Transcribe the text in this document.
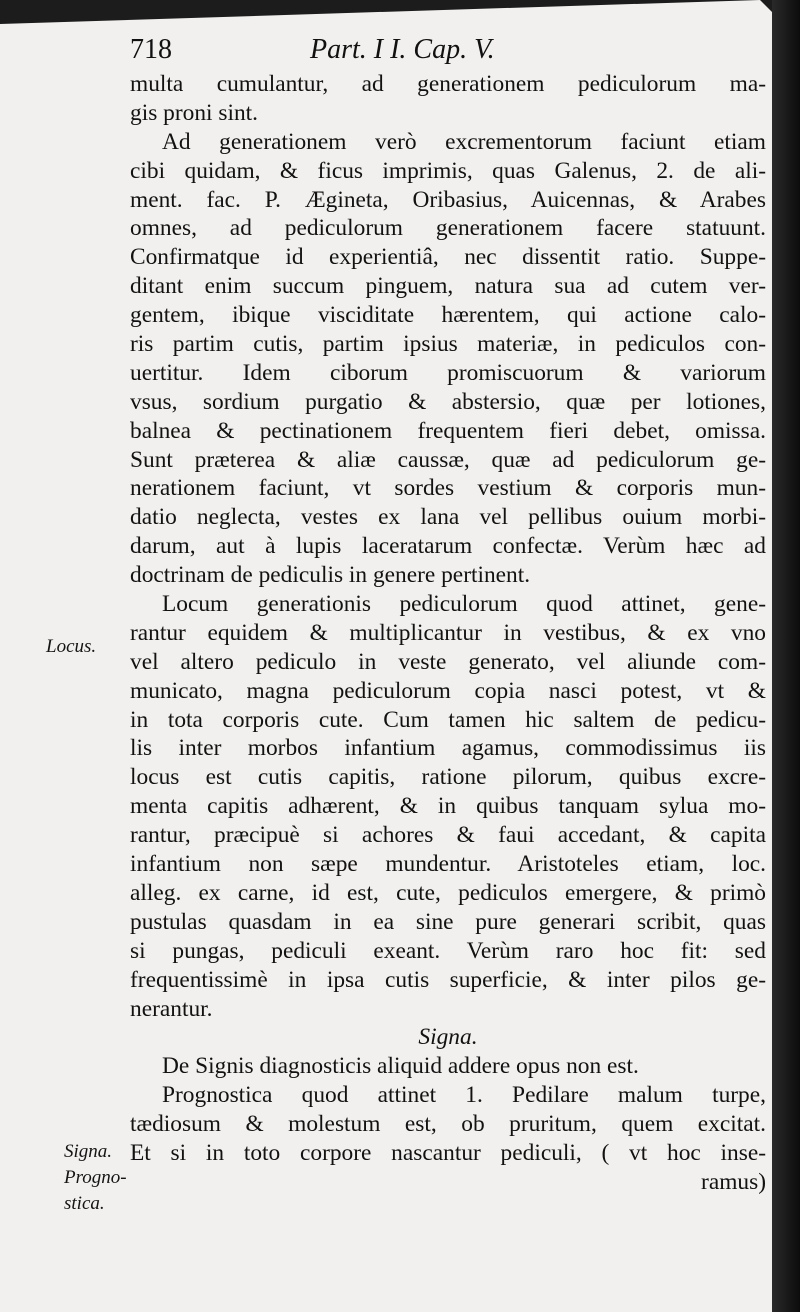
718	Part. I I. Cap. V.
Locus.
Signa.
Progno-
stica.
multa cumulantur, ad generationem pediculorum ma-
gis proni sint.
Ad generationem verò excrementorum faciunt etiam
cibi quidam, & ficus imprimis, quas Galenus, 2. de ali-
ment. fac. P. Ægineta, Oribasius, Auicennas, & Arabes
omnes, ad pediculorum generationem facere statuunt.
Confirmatque id experientiâ, nec dissentit ratio. Suppe-
ditant enim succum pinguem, natura sua ad cutem ver-
gentem, ibique visciditate hærentem, qui actione calo-
ris partim cutis, partim ipsius materiæ, in pediculos con-
uertitur. Idem ciborum promiscuorum & variorum
vsus, sordium purgatio & abstersio, quæ per lotiones,
balnea & pectinationem frequentem fieri debet, omissa.
Sunt præterea & aliæ caussæ, quæ ad pediculorum ge-
nerationem faciunt, vt sordes vestium & corporis mun-
datio neglecta, vestes ex lana vel pellibus ouium morbi-
darum, aut à lupis laceratarum confectæ. Verùm hæc ad
doctrinam de pediculis in genere pertinent.
Locum generationis pediculorum quod attinet, gene-
rantur equidem & multiplicantur in vestibus, & ex vno
vel altero pediculo in veste generato, vel aliunde com-
municato, magna pediculorum copia nasci potest, vt &
in tota corporis cute. Cum tamen hic saltem de pedicu-
lis inter morbos infantium agamus, commodissimus iis
locus est cutis capitis, ratione pilorum, quibus excre-
menta capitis adhærent, & in quibus tanquam sylua mo-
rantur, præcipuè si achores & faui accedant, & capita
infantium non sæpe mundentur. Aristoteles etiam, loc.
alleg. ex carne, id est, cute, pediculos emergere, & primò
pustulas quasdam in ea sine pure generari scribit, quas
si pungas, pediculi exeant. Verùm raro hoc fit: sed
frequentissimè in ipsa cutis superficie, & inter pilos ge-
nerantur.
Signa.
De Signis diagnosticis aliquid addere opus non est.
Prognostica quod attinet 1. Pedilare malum turpe,
tædiosum & molestum est, ob pruritum, quem excitat.
Et si in toto corpore nascantur pediculi, ( vt hoc inse-
ramus)
